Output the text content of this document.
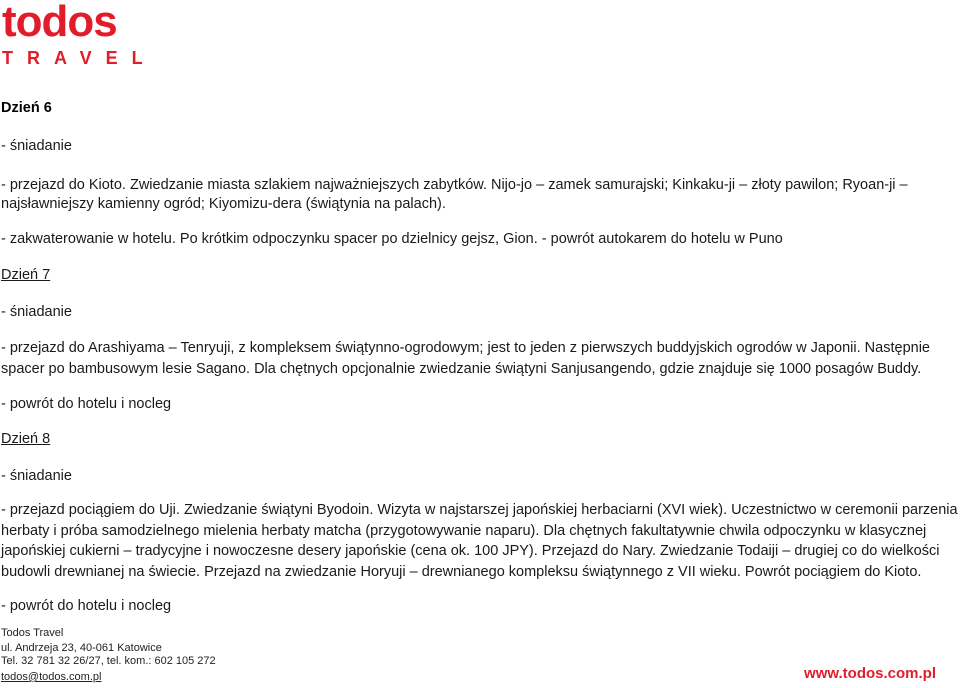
todos
TRAVEL
Dzień 6
- śniadanie
- przejazd do Kioto. Zwiedzanie miasta szlakiem najważniejszych zabytków. Nijo-jo – zamek samurajski; Kinkaku-ji – złoty pawilon; Ryoan-ji –
najsławniejszy kamienny ogród; Kiyomizu-dera (świątynia na palach).
- zakwaterowanie w hotelu. Po krótkim odpoczynku spacer po dzielnicy gejsz, Gion. - powrót autokarem do hotelu w Puno
Dzień 7
- śniadanie
- przejazd do Arashiyama – Tenryuji, z kompleksem świątynno-ogrodowym; jest to jeden z pierwszych buddyjskich ogrodów w Japonii. Następnie
spacer po bambusowym lesie Sagano. Dla chętnych opcjonalnie zwiedzanie świątyni Sanjusangendo, gdzie znajduje się 1000 posagów Buddy.
- powrót do hotelu i nocleg
Dzień 8
- śniadanie
- przejazd pociągiem do Uji. Zwiedzanie świątyni Byodoin. Wizyta w najstarszej japońskiej herbaciarni (XVI wiek). Uczestnictwo w ceremonii parzenia
herbaty i próba samodzielnego mielenia herbaty matcha (przygotowywanie naparu). Dla chętnych fakultatywnie chwila odpoczynku w klasycznej
japońskiej cukierni – tradycyjne i nowoczesne desery japońskie (cena ok. 100 JPY). Przejazd do Nary. Zwiedzanie Todaiji – drugiej co do wielkości
budowli drewnianej na świecie. Przejazd na zwiedzanie Horyuji – drewnianego kompleksu świątynnego z VII wieku. Powrót pociągiem do Kioto.
- powrót do hotelu i nocleg
Todos Travel
ul. Andrzeja 23, 40-061 Katowice
Tel. 32 781 32 26/27, tel. kom.: 602 105 272
todos@todos.com.pl	www.todos.com.pl
